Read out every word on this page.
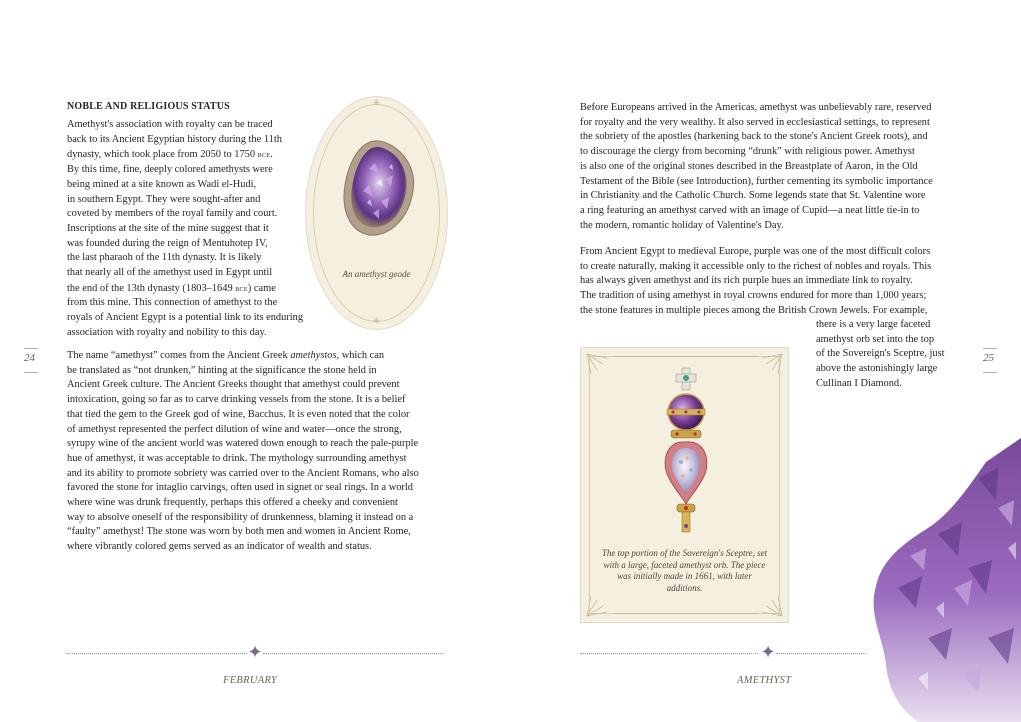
NOBLE AND RELIGIOUS STATUS

Amethyst's association with royalty can be traced

back to its Ancient Egyptian history during the 11th

dynasty, which took place from 2050 to 1750 bce.

By this time, fine, deeply colored amethysts were

being mined at a site known as Wadi el-Hudi,

in southern Egypt. They were sought-after and

coveted by members of the royal family and court.

Inscriptions at the site of the mine suggest that it

was founded during the reign of Mentuhotep IV,

the last pharaoh of the 11th dynasty. It is likely

that nearly all of the amethyst used in Egypt until

the end of the 13th dynasty (1803–1649 bce) came

from this mine. This connection of amethyst to the

royals of Ancient Egypt is a potential link to its enduring

association with royalty and nobility to this day.

✳
✳
An amethyst geode

The name “amethyst” comes from the Ancient Greek amethystos, which can

be translated as “not drunken,” hinting at the significance the stone held in

Ancient Greek culture. The Ancient Greeks thought that amethyst could prevent

intoxication, going so far as to carve drinking vessels from the stone. It is a belief

that tied the gem to the Greek god of wine, Bacchus. It is even noted that the color

of amethyst represented the perfect dilution of wine and water—once the strong,

syrupy wine of the ancient world was watered down enough to reach the pale-purple

hue of amethyst, it was acceptable to drink. The mythology surrounding amethyst

and its ability to promote sobriety was carried over to the Ancient Romans, who also

favored the stone for intaglio carvings, often used in signet or seal rings. In a world

where wine was drunk frequently, perhaps this offered a cheeky and convenient

way to absolve oneself of the responsibility of drunkenness, blaming it instead on a

“faulty” amethyst! The stone was worn by both men and women in Ancient Rome,

where vibrantly colored gems served as an indicator of wealth and status.

24
✦
FEBRUARY

Before Europeans arrived in the Americas, amethyst was unbelievably rare, reserved

for royalty and the very wealthy. It also served in ecclesiastical settings, to represent

the sobriety of the apostles (harkening back to the stone's Ancient Greek roots), and

to discourage the clergy from becoming “drunk” with religious power. Amethyst

is also one of the original stones described in the Breastplate of Aaron, in the Old

Testament of the Bible (see Introduction), further cementing its symbolic importance

in Christianity and the Catholic Church. Some legends state that St. Valentine wore

a ring featuring an amethyst carved with an image of Cupid—a neat little tie-in to

the modern, romantic holiday of Valentine's Day.

From Ancient Egypt to medieval Europe, purple was one of the most difficult colors

to create naturally, making it accessible only to the richest of nobles and royals. This

has always given amethyst and its rich purple hues an immediate link to royalty.

The tradition of using amethyst in royal crowns endured for more than 1,000 years;

the stone features in multiple pieces among the British Crown Jewels. For example,

there is a very large faceted

amethyst orb set into the top

of the Sovereign's Sceptre, just

above the astonishingly large

Cullinan I Diamond.

The top portion of the Sovereign's Sceptre, set with a large, faceted amethyst orb. The piece was initially made in 1661, with later additions.
25
✦
AMETHYST
